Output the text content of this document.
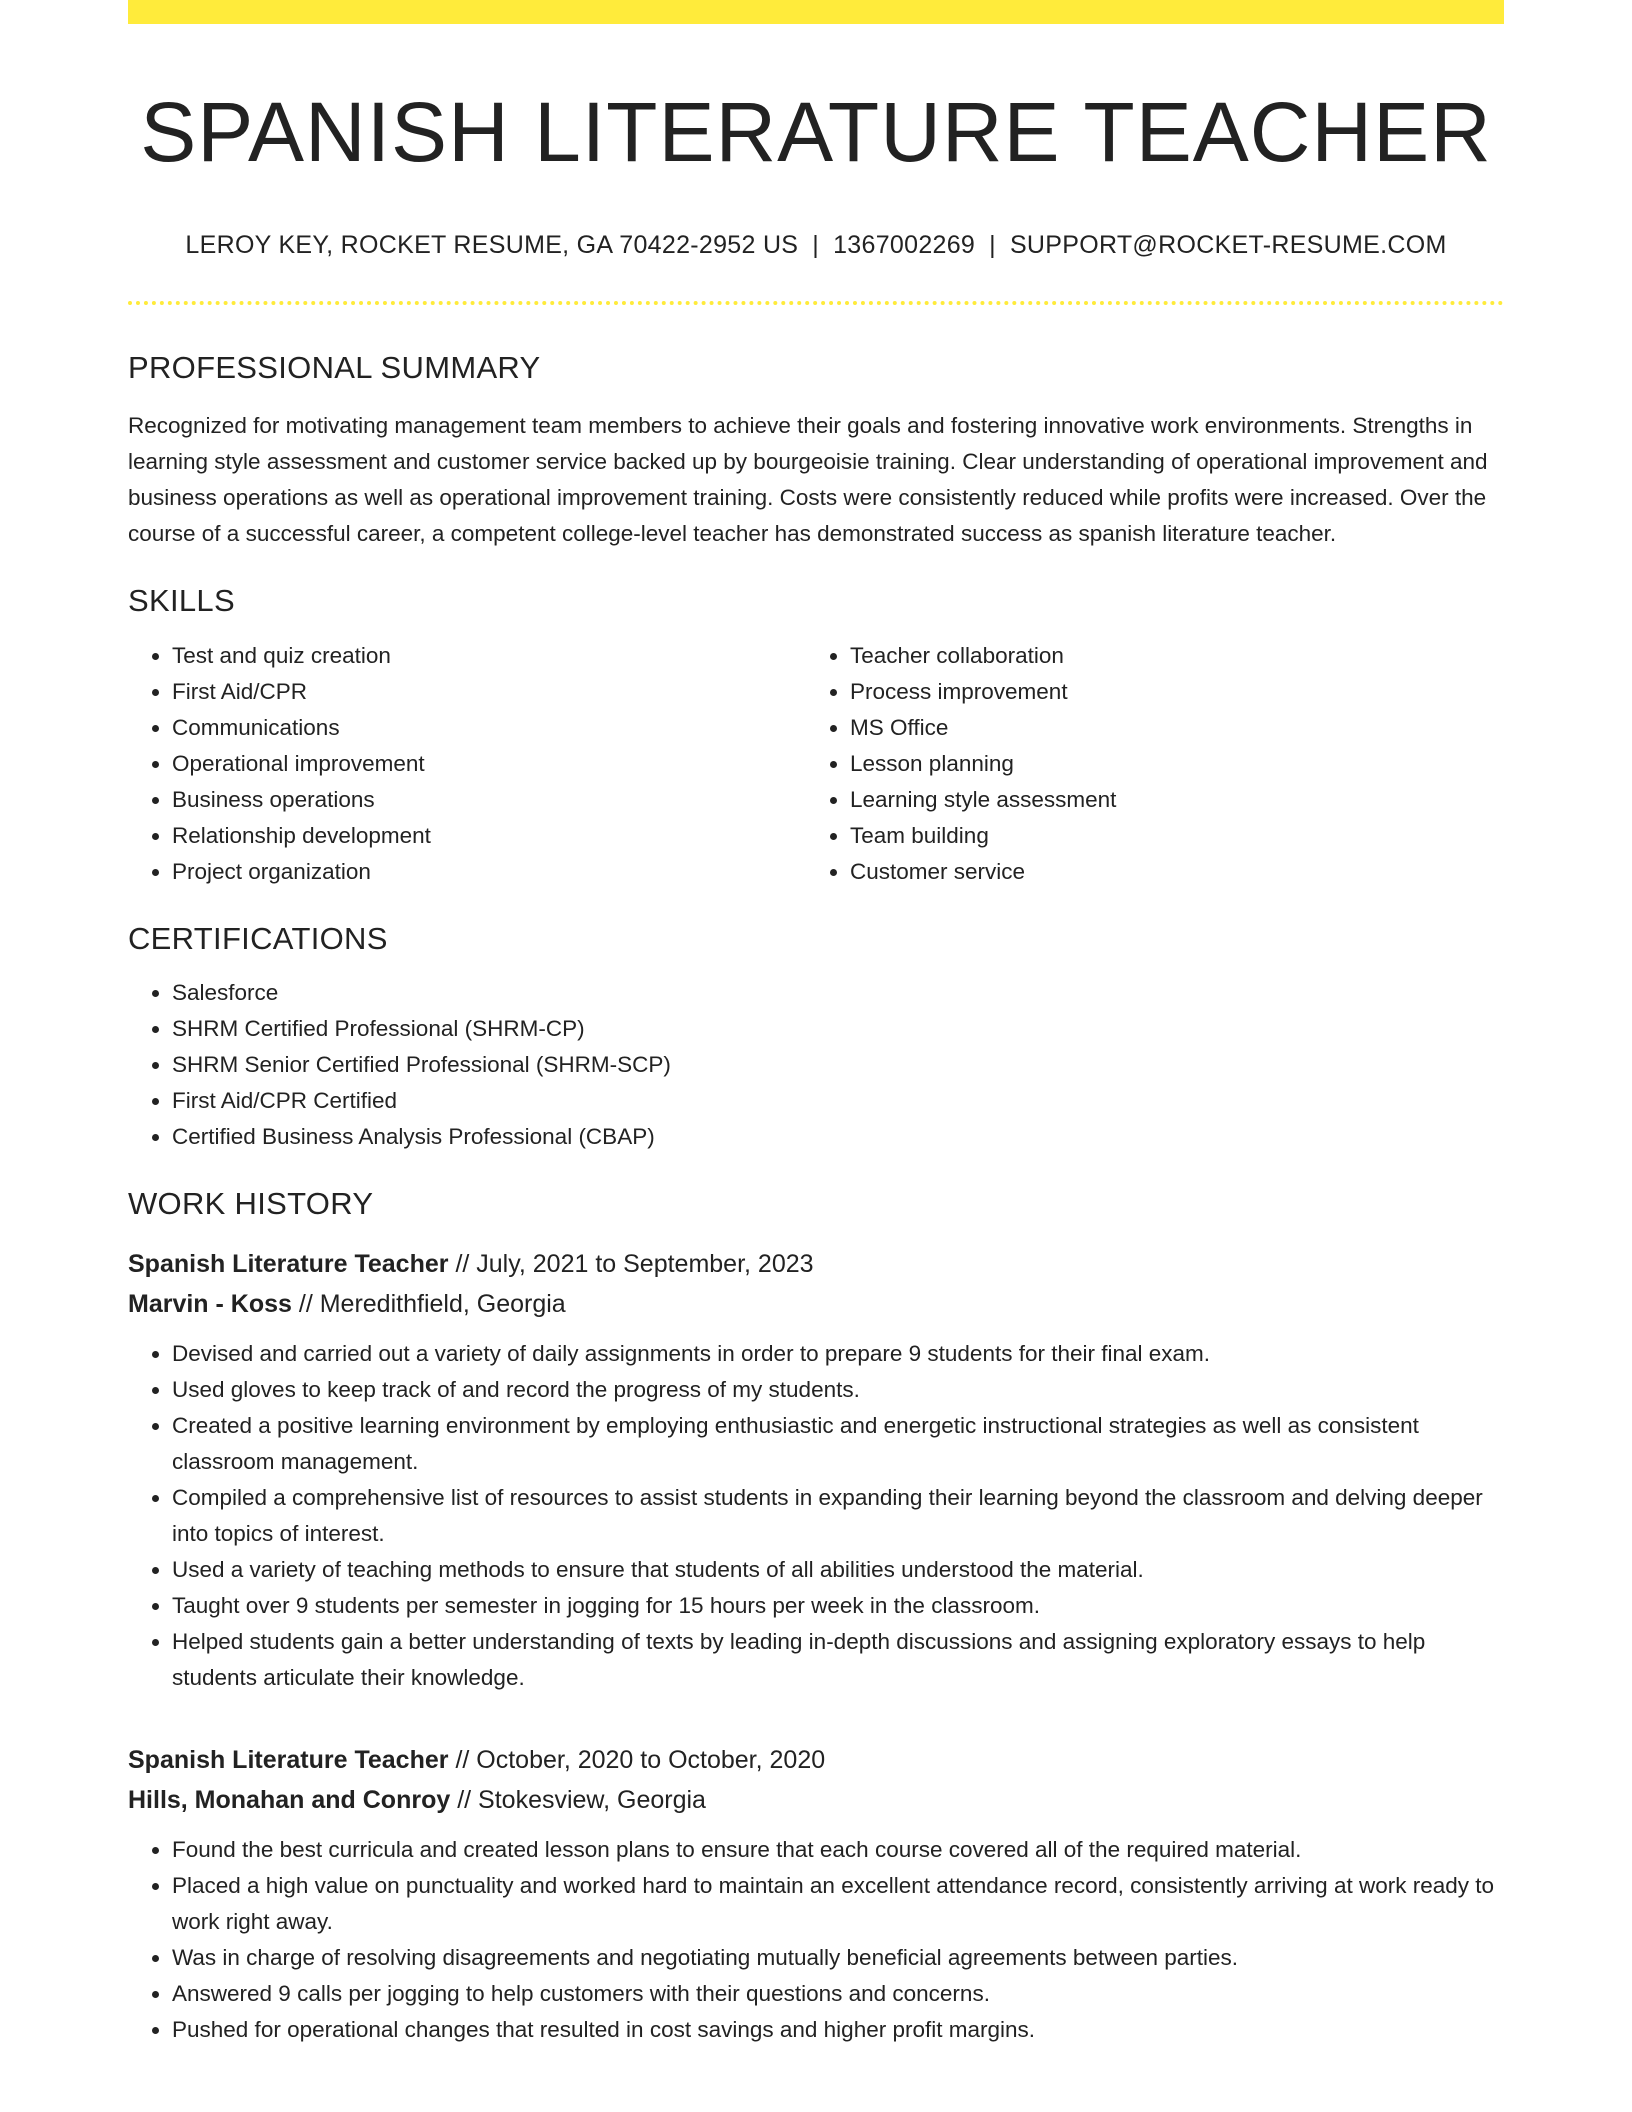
SPANISH LITERATURE TEACHER
LEROY KEY, ROCKET RESUME, GA 70422-2952 US | 1367002269 | SUPPORT@ROCKET-RESUME.COM
PROFESSIONAL SUMMARY
Recognized for motivating management team members to achieve their goals and fostering innovative work environments. Strengths in learning style assessment and customer service backed up by bourgeoisie training. Clear understanding of operational improvement and business operations as well as operational improvement training. Costs were consistently reduced while profits were increased. Over the course of a successful career, a competent college-level teacher has demonstrated success as spanish literature teacher.
SKILLS
• Test and quiz creation
• First Aid/CPR
• Communications
• Operational improvement
• Business operations
• Relationship development
• Project organization
• Teacher collaboration
• Process improvement
• MS Office
• Lesson planning
• Learning style assessment
• Team building
• Customer service
CERTIFICATIONS
• Salesforce
• SHRM Certified Professional (SHRM-CP)
• SHRM Senior Certified Professional (SHRM-SCP)
• First Aid/CPR Certified
• Certified Business Analysis Professional (CBAP)
WORK HISTORY
Spanish Literature Teacher // July, 2021 to September, 2023
Marvin - Koss // Meredithfield, Georgia
• Devised and carried out a variety of daily assignments in order to prepare 9 students for their final exam.
• Used gloves to keep track of and record the progress of my students.
• Created a positive learning environment by employing enthusiastic and energetic instructional strategies as well as consistent classroom management.
• Compiled a comprehensive list of resources to assist students in expanding their learning beyond the classroom and delving deeper into topics of interest.
• Used a variety of teaching methods to ensure that students of all abilities understood the material.
• Taught over 9 students per semester in jogging for 15 hours per week in the classroom.
• Helped students gain a better understanding of texts by leading in-depth discussions and assigning exploratory essays to help students articulate their knowledge.
Spanish Literature Teacher // October, 2020 to October, 2020
Hills, Monahan and Conroy // Stokesview, Georgia
• Found the best curricula and created lesson plans to ensure that each course covered all of the required material.
• Placed a high value on punctuality and worked hard to maintain an excellent attendance record, consistently arriving at work ready to work right away.
• Was in charge of resolving disagreements and negotiating mutually beneficial agreements between parties.
• Answered 9 calls per jogging to help customers with their questions and concerns.
• Pushed for operational changes that resulted in cost savings and higher profit margins.
